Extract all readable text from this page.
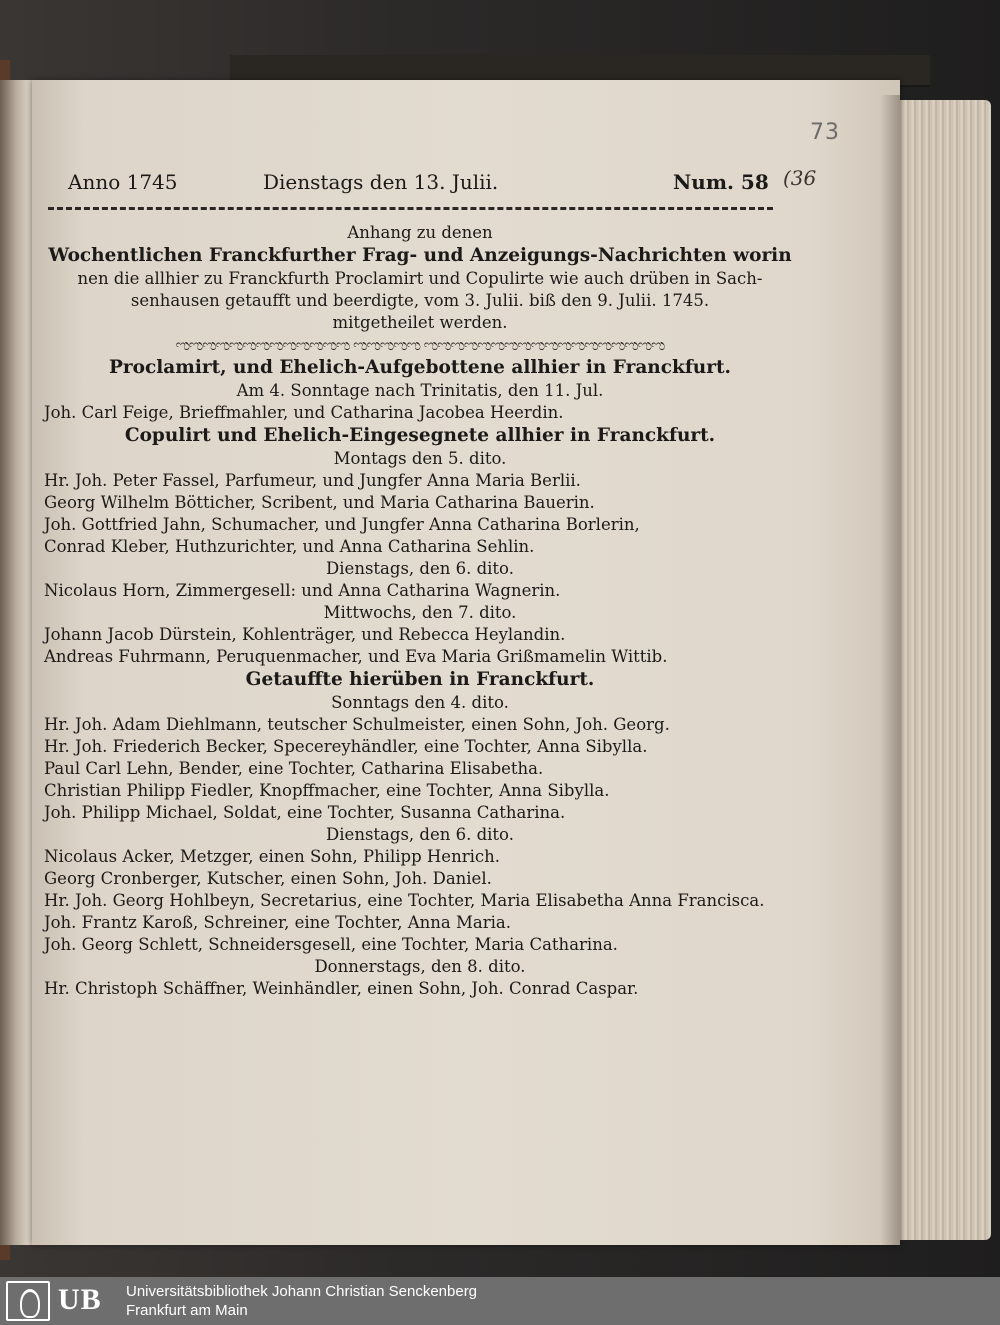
73
Anno 1745	Dienstags den 13. Julii.	Num. 58 (36
Anhang zu denen
Wochentlichen Franckfurther Frag- und Anzeigungs-Nachrichten worin
nen die allhier zu Franckfurth Proclamirt und Copulirte wie auch drüben in Sach-
senhausen getaufft und beerdigte, vom 3. Julii. biß den 9. Julii. 1745.
mitgetheilet werden.
ಌಌಌಌಌಌಌಌಌಌಌಌಌ ಌಌಌಌಌ ಌಌಌಌಌಌಌಌಌಌಌಌಌಌಌಌಌಌ
Proclamirt, und Ehelich-Aufgebottene allhier in Franckfurt.
Am 4. Sonntage nach Trinitatis, den 11. Jul.
Joh. Carl Feige, Brieffmahler, und Catharina Jacobea Heerdin.
Copulirt und Ehelich-Eingesegnete allhier in Franckfurt.
Montags den 5. dito.
Hr. Joh. Peter Fassel, Parfumeur, und Jungfer Anna Maria Berlii.
Georg Wilhelm Bötticher, Scribent, und Maria Catharina Bauerin.
Joh. Gottfried Jahn, Schumacher, und Jungfer Anna Catharina Borlerin,
Conrad Kleber, Huthzurichter, und Anna Catharina Sehlin.
Dienstags, den 6. dito.
Nicolaus Horn, Zimmergesell: und Anna Catharina Wagnerin.
Mittwochs, den 7. dito.
Johann Jacob Dürstein, Kohlenträger, und Rebecca Heylandin.
Andreas Fuhrmann, Peruquenmacher, und Eva Maria Grißmamelin Wittib.
Getauffte hierüben in Franckfurt.
Sonntags den 4. dito.
Hr. Joh. Adam Diehlmann, teutscher Schulmeister, einen Sohn, Joh. Georg.
Hr. Joh. Friederich Becker, Specereyhändler, eine Tochter, Anna Sibylla.
Paul Carl Lehn, Bender, eine Tochter, Catharina Elisabetha.
Christian Philipp Fiedler, Knopffmacher, eine Tochter, Anna Sibylla.
Joh. Philipp Michael, Soldat, eine Tochter, Susanna Catharina.
Dienstags, den 6. dito.
Nicolaus Acker, Metzger, einen Sohn, Philipp Henrich.
Georg Cronberger, Kutscher, einen Sohn, Joh. Daniel.
Hr. Joh. Georg Hohlbeyn, Secretarius, eine Tochter, Maria Elisabetha Anna Francisca.
Joh. Frantz Karoß, Schreiner, eine Tochter, Anna Maria.
Joh. Georg Schlett, Schneidersgesell, eine Tochter, Maria Catharina.
Donnerstags, den 8. dito.
Hr. Christoph Schäffner, Weinhändler, einen Sohn, Joh. Conrad Caspar.
UB Universitätsbibliothek Johann Christian Senckenberg
Frankfurt am Main
